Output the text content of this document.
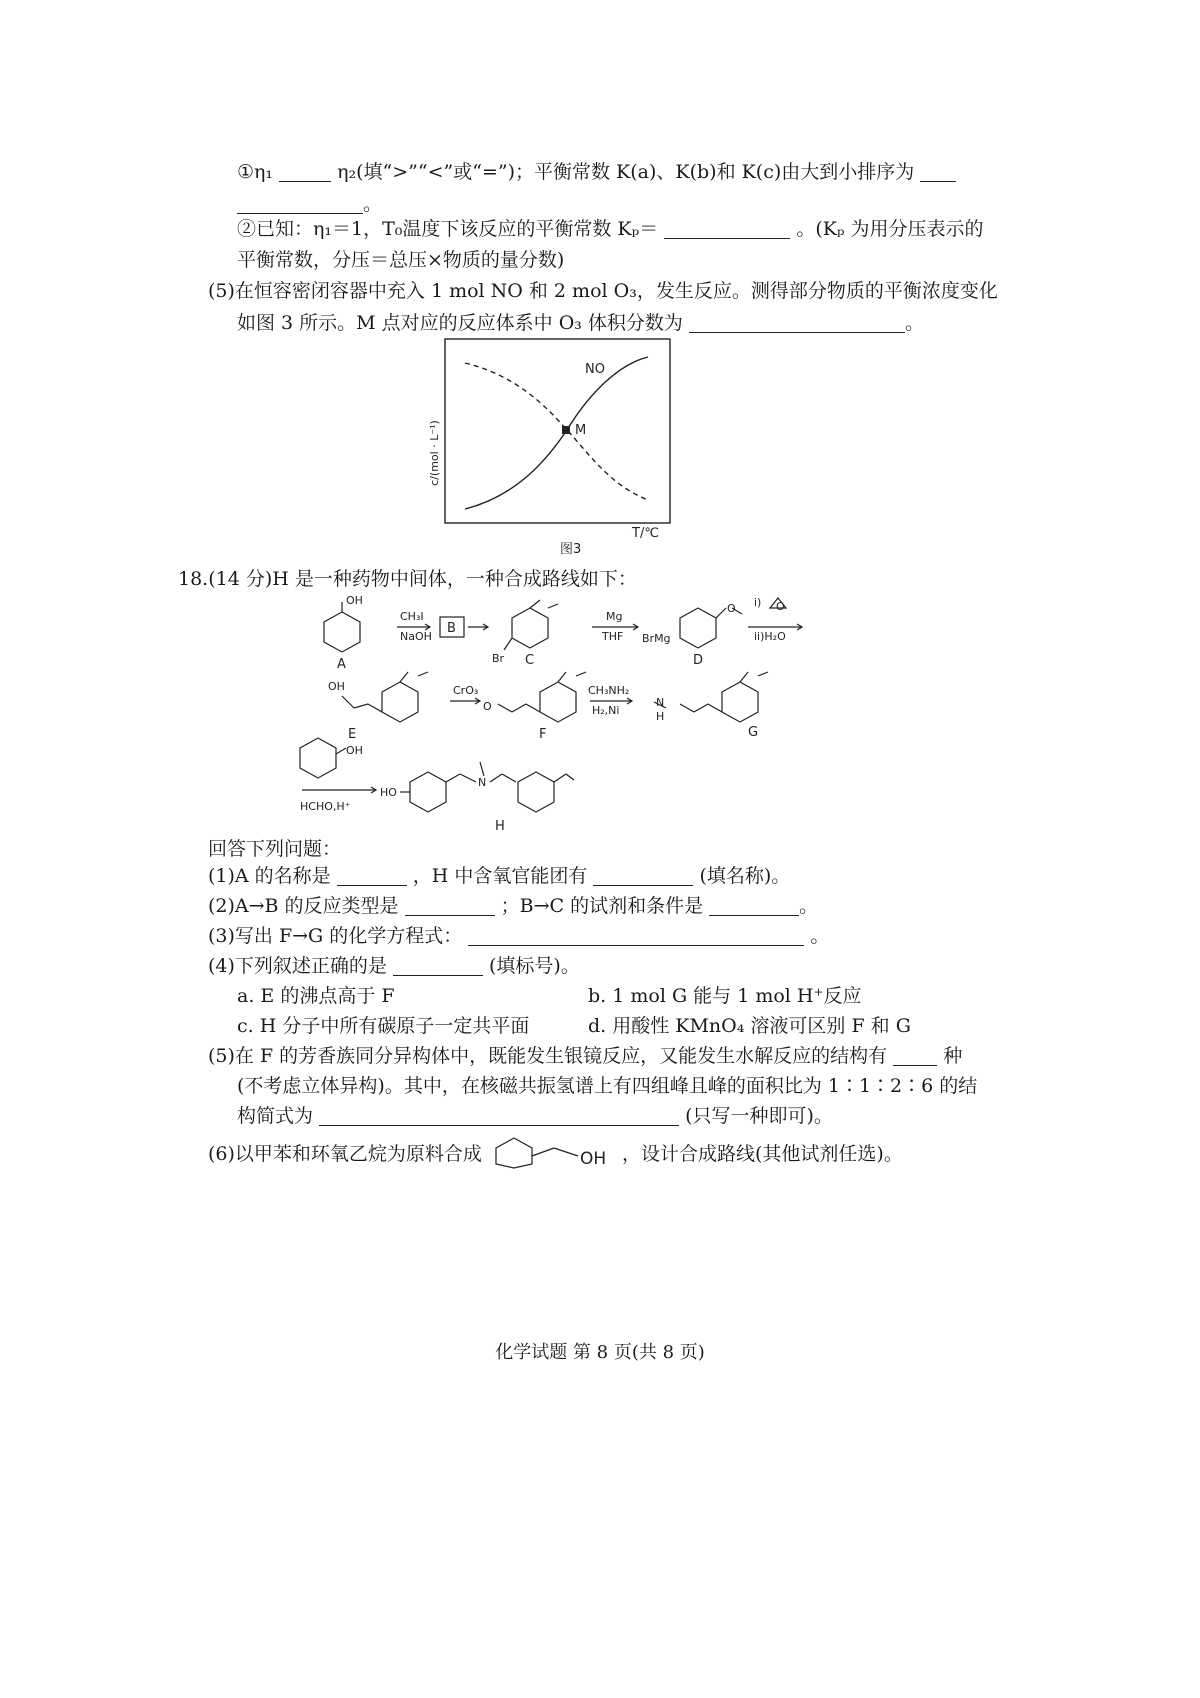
①η₁	η₂(填“>”“<”或“=”)；平衡常数 K(a)、K(b)和 K(c)由大到小排序为
。
②已知：η₁＝1，T₀温度下该反应的平衡常数 Kₚ＝	。(Kₚ 为用分压表示的
平衡常数，分压＝总压×物质的量分数)
(5)在恒容密闭容器中充入 1 mol NO 和 2 mol O₃，发生反应。测得部分物质的平衡浓度变化
如图 3 所示。M 点对应的反应体系中 O₃ 体积分数为	。
M
NO
c/(mol · L⁻¹)
T/℃
图3
18.(14 分)H 是一种药物中间体，一种合成路线如下：
OH
A
CH₃I
NaOH
B
Br C
Mg
THF BrMg
D
O i)
ii)H₂O
O
OH
E
CrO₃
O
F
CH₃NH₂
H₂,Ni
N
H
G
OH
HCHO,H⁺
HO
N
H
回答下列问题：
(1)A 的名称是	，H 中含氧官能团有	(填名称)。
(2)A→B 的反应类型是	；B→C 的试剂和条件是	。
(3)写出 F→G 的化学方程式：	。
(4)下列叙述正确的是	(填标号)。
a. E 的沸点高于 F	b. 1 mol G 能与 1 mol H⁺反应
c. H 分子中所有碳原子一定共平面	d. 用酸性 KMnO₄ 溶液可区别 F 和 G
(5)在 F 的芳香族同分异构体中，既能发生银镜反应，又能发生水解反应的结构有	种
(不考虑立体异构)。其中，在核磁共振氢谱上有四组峰且峰的面积比为 1∶1∶2∶6 的结
构简式为	(只写一种即可)。
(6)以甲苯和环氧乙烷为原料合成	OH ，设计合成路线(其他试剂任选)。
化学试题 第 8 页(共 8 页)
